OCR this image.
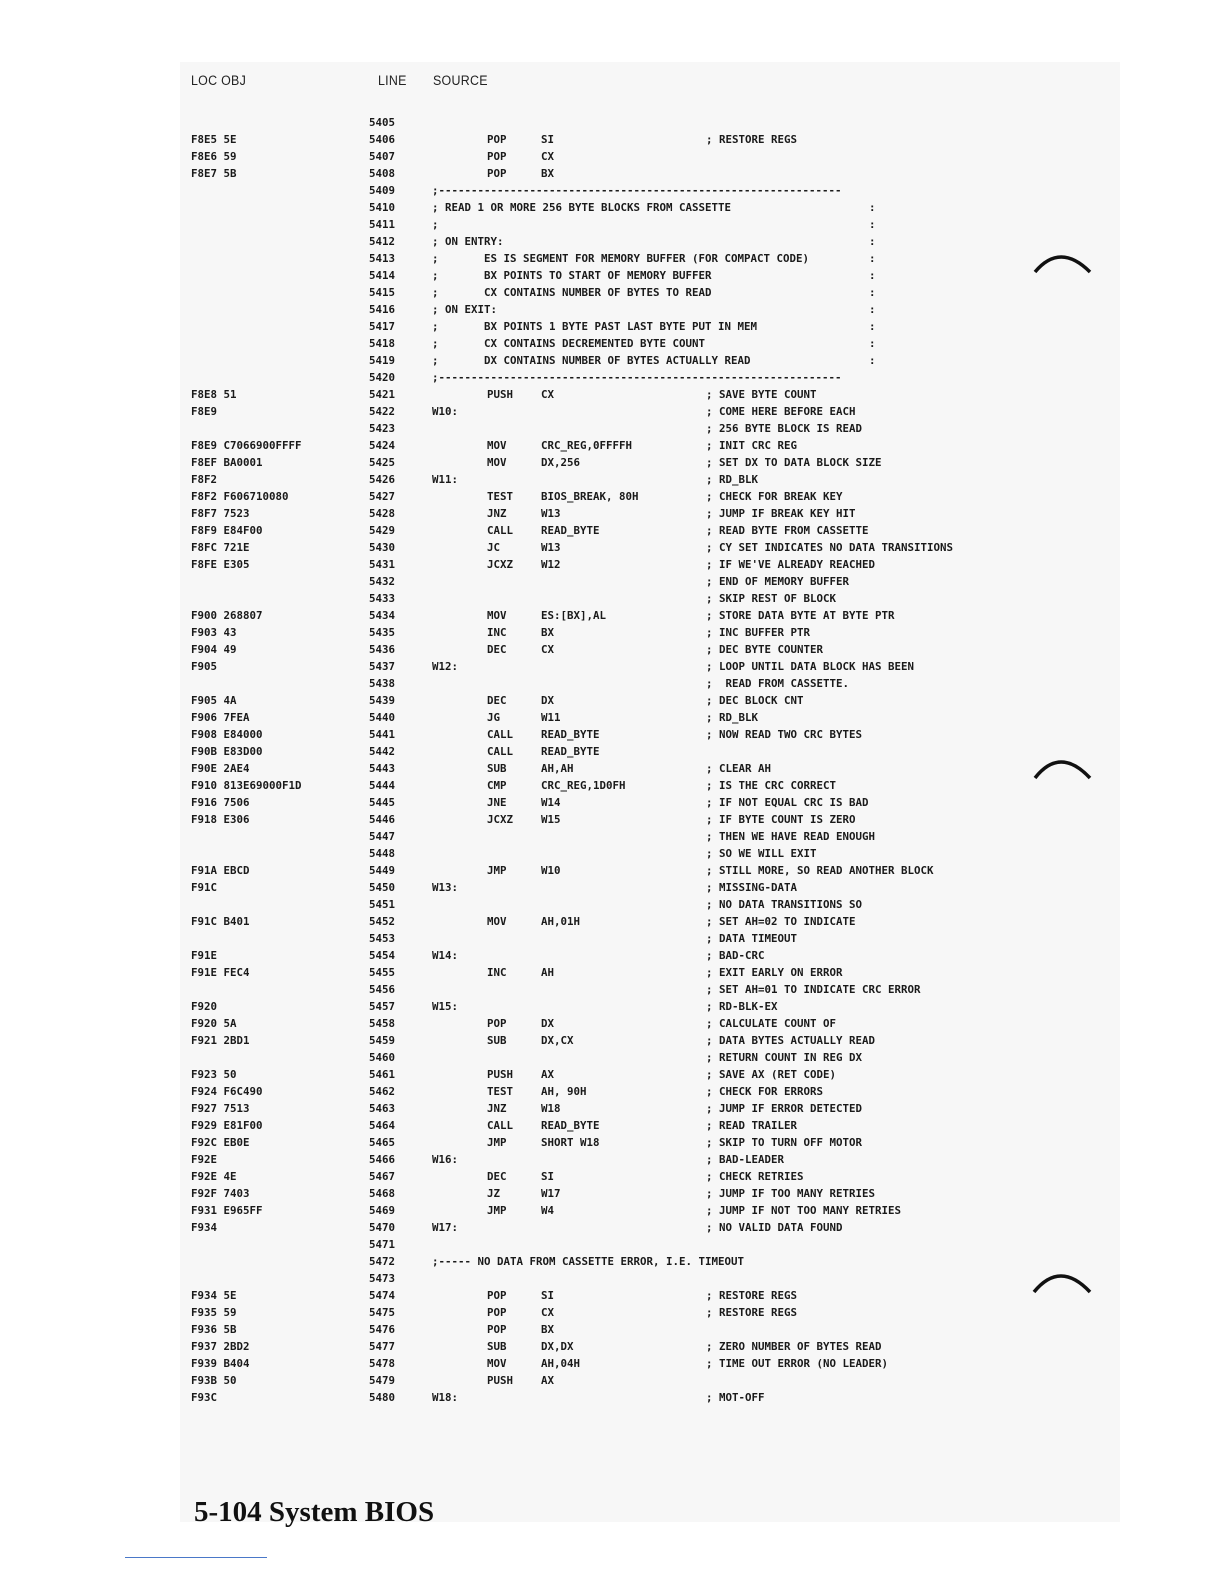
LOC OBJ	LINE SOURCE
5405
F8E5 5E	5406	POP	SI	; RESTORE REGS
F8E6 59	5407	POP	CX
F8E7 5B	5408	POP	BX
5409	;--------------------------------------------------------------
5410	; READ 1 OR MORE 256 BYTE BLOCKS FROM CASSETTE	:
5411	;	:
5412	; ON ENTRY:	:
5413	;       ES IS SEGMENT FOR MEMORY BUFFER (FOR COMPACT CODE)	:
5414	;       BX POINTS TO START OF MEMORY BUFFER	:
5415	;       CX CONTAINS NUMBER OF BYTES TO READ	:
5416	; ON EXIT:	:
5417	;       BX POINTS 1 BYTE PAST LAST BYTE PUT IN MEM	:
5418	;       CX CONTAINS DECREMENTED BYTE COUNT	:
5419	;       DX CONTAINS NUMBER OF BYTES ACTUALLY READ	:
5420	;--------------------------------------------------------------
F8E8 51	5421	PUSH	CX	; SAVE BYTE COUNT
F8E9	5422	W10:	; COME HERE BEFORE EACH
5423	; 256 BYTE BLOCK IS READ
F8E9 C7066900FFFF	5424	MOV	CRC_REG,0FFFFH	; INIT CRC REG
F8EF BA0001	5425	MOV	DX,256	; SET DX TO DATA BLOCK SIZE
F8F2	5426	W11:	; RD_BLK
F8F2 F606710080	5427	TEST	BIOS_BREAK, 80H	; CHECK FOR BREAK KEY
F8F7 7523	5428	JNZ	W13	; JUMP IF BREAK KEY HIT
F8F9 E84F00	5429	CALL	READ_BYTE	; READ BYTE FROM CASSETTE
F8FC 721E	5430	JC	W13	; CY SET INDICATES NO DATA TRANSITIONS
F8FE E305	5431	JCXZ	W12	; IF WE'VE ALREADY REACHED
5432	; END OF MEMORY BUFFER
5433	; SKIP REST OF BLOCK
F900 268807	5434	MOV	ES:[BX],AL	; STORE DATA BYTE AT BYTE PTR
F903 43	5435	INC	BX	; INC BUFFER PTR
F904 49	5436	DEC	CX	; DEC BYTE COUNTER
F905	5437	W12:	; LOOP UNTIL DATA BLOCK HAS BEEN
5438	;  READ FROM CASSETTE.
F905 4A	5439	DEC	DX	; DEC BLOCK CNT
F906 7FEA	5440	JG	W11	; RD_BLK
F908 E84000	5441	CALL	READ_BYTE	; NOW READ TWO CRC BYTES
F90B E83D00	5442	CALL	READ_BYTE
F90E 2AE4	5443	SUB	AH,AH	; CLEAR AH
F910 813E69000F1D	5444	CMP	CRC_REG,1D0FH	; IS THE CRC CORRECT
F916 7506	5445	JNE	W14	; IF NOT EQUAL CRC IS BAD
F918 E306	5446	JCXZ	W15	; IF BYTE COUNT IS ZERO
5447	; THEN WE HAVE READ ENOUGH
5448	; SO WE WILL EXIT
F91A EBCD	5449	JMP	W10	; STILL MORE, SO READ ANOTHER BLOCK
F91C	5450	W13:	; MISSING-DATA
5451	; NO DATA TRANSITIONS SO
F91C B401	5452	MOV	AH,01H	; SET AH=02 TO INDICATE
5453	; DATA TIMEOUT
F91E	5454	W14:	; BAD-CRC
F91E FEC4	5455	INC	AH	; EXIT EARLY ON ERROR
5456	; SET AH=01 TO INDICATE CRC ERROR
F920	5457	W15:	; RD-BLK-EX
F920 5A	5458	POP	DX	; CALCULATE COUNT OF
F921 2BD1	5459	SUB	DX,CX	; DATA BYTES ACTUALLY READ
5460	; RETURN COUNT IN REG DX
F923 50	5461	PUSH	AX	; SAVE AX (RET CODE)
F924 F6C490	5462	TEST	AH, 90H	; CHECK FOR ERRORS
F927 7513	5463	JNZ	W18	; JUMP IF ERROR DETECTED
F929 E81F00	5464	CALL	READ_BYTE	; READ TRAILER
F92C EB0E	5465	JMP	SHORT W18	; SKIP TO TURN OFF MOTOR
F92E	5466	W16:	; BAD-LEADER
F92E 4E	5467	DEC	SI	; CHECK RETRIES
F92F 7403	5468	JZ	W17	; JUMP IF TOO MANY RETRIES
F931 E965FF	5469	JMP	W4	; JUMP IF NOT TOO MANY RETRIES
F934	5470	W17:	; NO VALID DATA FOUND
5471
5472	;----- NO DATA FROM CASSETTE ERROR, I.E. TIMEOUT
5473
F934 5E	5474	POP	SI	; RESTORE REGS
F935 59	5475	POP	CX	; RESTORE REGS
F936 5B	5476	POP	BX
F937 2BD2	5477	SUB	DX,DX	; ZERO NUMBER OF BYTES READ
F939 B404	5478	MOV	AH,04H	; TIME OUT ERROR (NO LEADER)
F93B 50	5479	PUSH	AX
F93C	5480	W18:	; MOT-OFF
5-104 System BIOS
